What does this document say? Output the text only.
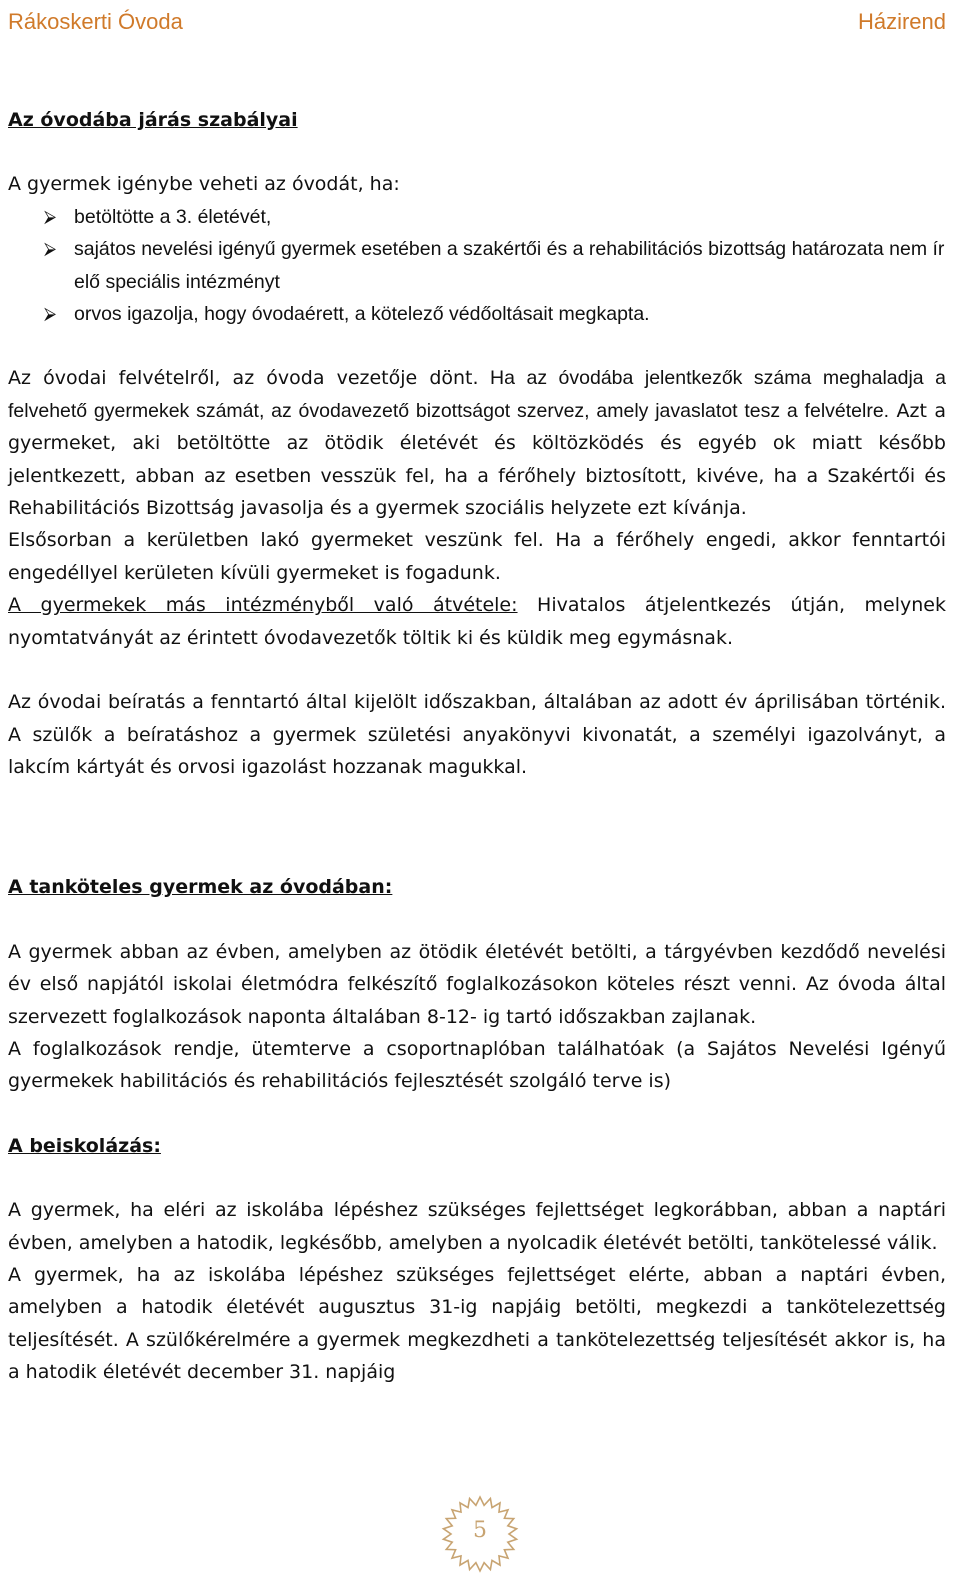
Rákoskerti Óvoda	Házirend
Az óvodába járás szabályai

A gyermek igénybe veheti az óvodát, ha:

⮚ betöltötte a 3. életévét,
⮚ sajátos nevelési igényű gyermek esetében a szakértői és a rehabilitációs bizottság határozata nem ír elő speciális intézményt
⮚ orvos igazolja, hogy óvodaérett, a kötelező védőoltásait megkapta.

Az óvodai felvételről, az óvoda vezetője dönt. Ha az óvodába jelentkezők száma meghaladja a felvehető gyermekek számát, az óvodavezető bizottságot szervez, amely javaslatot tesz a felvételre. Azt a gyermeket, aki betöltötte az ötödik életévét és költözködés és egyéb ok miatt később jelentkezett, abban az esetben vesszük fel, ha a férőhely biztosított, kivéve, ha a Szakértői és Rehabilitációs Bizottság javasolja és a gyermek szociális helyzete ezt kívánja.

Elsősorban a kerületben lakó gyermeket veszünk fel. Ha a férőhely engedi, akkor fenntartói engedéllyel kerületen kívüli gyermeket is fogadunk.

A gyermekek más intézményből való átvétele: Hivatalos átjelentkezés útján, melynek nyomtatványát az érintett óvodavezetők töltik ki és küldik meg egymásnak.

Az óvodai beíratás a fenntartó által kijelölt időszakban, általában az adott év áprilisában történik. A szülők a beíratáshoz a gyermek születési anyakönyvi kivonatát, a személyi igazolványt, a lakcím kártyát és orvosi igazolást hozzanak magukkal.

A tanköteles gyermek az óvodában:

A gyermek abban az évben, amelyben az ötödik életévét betölti, a tárgyévben kezdődő nevelési év első napjától iskolai életmódra felkészítő foglalkozásokon köteles részt venni. Az óvoda által szervezett foglalkozások naponta általában 8-12- ig tartó időszakban zajlanak.

A foglalkozások rendje, ütemterve a csoportnaplóban találhatóak (a Sajátos Nevelési Igényű gyermekek habilitációs és rehabilitációs fejlesztését szolgáló terve is)

A beiskolázás:

A gyermek, ha eléri az iskolába lépéshez szükséges fejlettséget legkorábban, abban a naptári évben, amelyben a hatodik, legkésőbb, amelyben a nyolcadik életévét betölti, tankötelessé válik.

A gyermek, ha az iskolába lépéshez szükséges fejlettséget elérte, abban a naptári évben, amelyben a hatodik életévét augusztus 31-ig napjáig betölti, megkezdi a tankötelezettség teljesítését. A szülőkérelmére a gyermek megkezdheti a tankötelezettség teljesítését akkor is, ha a hatodik életévét december 31. napjáig

5
